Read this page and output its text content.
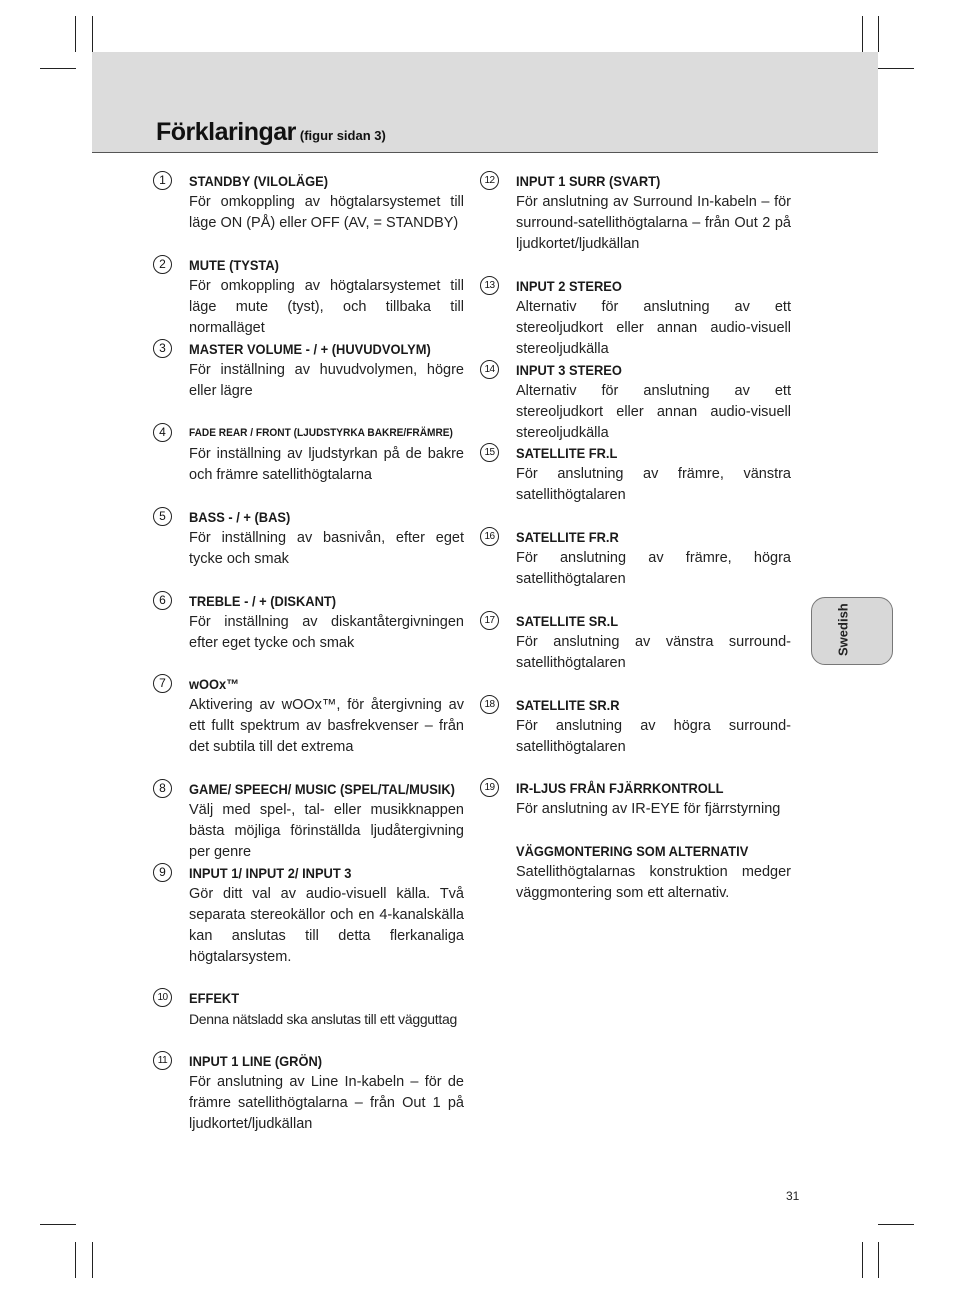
Förklaringar (figur sidan 3)
1	STANDBY (VILOLÄGE)
För omkoppling av högtalarsystemet till läge ON (PÅ) eller OFF (AV, = STANDBY)
2	MUTE (TYSTA)
För omkoppling av högtalarsystemet till läge mute (tyst), och tillbaka till normalläget
3	MASTER VOLUME - / + (HUVUDVOLYM)
För inställning av huvudvolymen, högre eller lägre
4	FADE REAR / FRONT (LJUDSTYRKA BAKRE/FRÄMRE)
För inställning av ljudstyrkan på de bakre och främre satellithögtalarna
5	BASS - / + (BAS)
För inställning av basnivån, efter eget tycke och smak
6	TREBLE - / + (DISKANT)
För inställning av diskantåtergivningen efter eget tycke och smak
7	wOOx™
Aktivering av wOOx™, för återgivning av ett fullt spektrum av basfrekvenser – från det subtila till det extrema
8	GAME/ SPEECH/ MUSIC (SPEL/TAL/MUSIK)
Välj med spel-, tal- eller musikknappen bästa möjliga förinställda ljudåtergivning per genre
9	INPUT 1/ INPUT 2/ INPUT 3
Gör ditt val av audio-visuell källa. Två separata stereokällor och en 4-kanalskälla kan anslutas till detta flerkanaliga högtalarsystem.
10	EFFEKT
Denna nätsladd ska anslutas till ett vägguttag
11	INPUT 1 LINE (GRÖN)
För anslutning av Line In-kabeln – för de främre satellithögtalarna – från Out 1 på ljudkortet/ljudkällan
12	INPUT 1 SURR (SVART)
För anslutning av Surround In-kabeln – för surround-satellithögtalarna – från Out 2 på ljudkortet/ljudkällan
13	INPUT 2 STEREO
Alternativ för anslutning av ett stereoljudkort eller annan audio-visuell stereoljudkälla
14	INPUT 3 STEREO
Alternativ för anslutning av ett stereoljudkort eller annan audio-visuell stereoljudkälla
15	SATELLITE FR.L
För anslutning av främre, vänstra satellithögtalaren
16	SATELLITE FR.R
För anslutning av främre, högra satellithögtalaren
17	SATELLITE SR.L
För anslutning av vänstra surround-satellithögtalaren
18	SATELLITE SR.R
För anslutning av högra surround-satellithögtalaren
19	IR-LJUS FRÅN FJÄRRKONTROLL
För anslutning av IR-EYE för fjärrstyrning
VÄGGMONTERING SOM ALTERNATIV
Satellithögtalarnas konstruktion medger väggmontering som ett alternativ.
Swedish
31
